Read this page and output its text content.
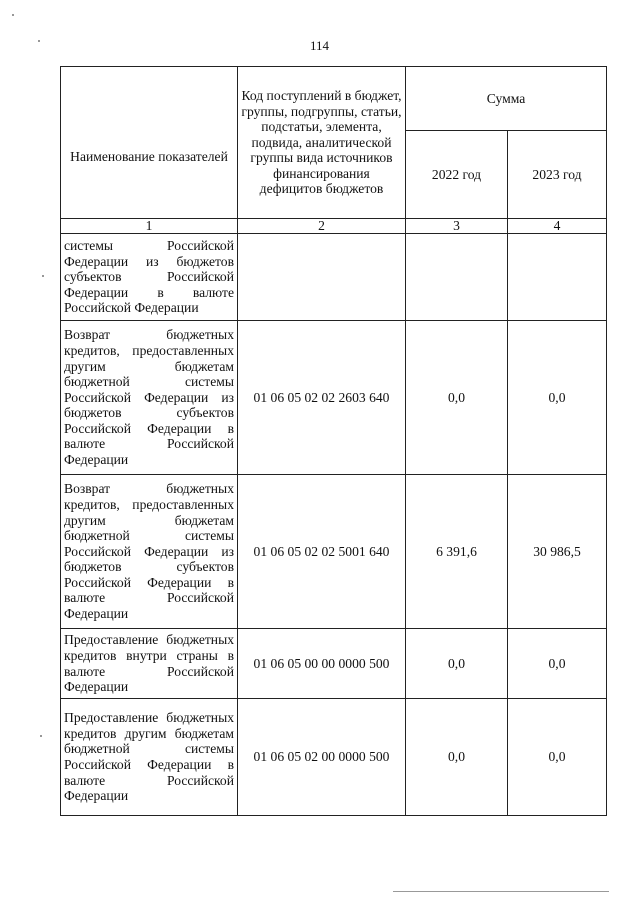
114
Наименование показателей	Код поступлений в бюджет, группы, подгруппы, статьи, подстатьи, элемента, подвида, аналитической группы вида источников финансирования дефицитов бюджетов	Сумма	
		2022 год	2023 год
1	2	3	4
системы Российской Федерации из бюджетов субъектов Российской Федерации в валюте Российской Федерации			
Возврат бюджетных кредитов, предоставленных другим бюджетам бюджетной системы Российской Федерации из бюджетов субъектов Российской Федерации в валюте Российской Федерации	01 06 05 02 02 2603 640	0,0	0,0
Возврат бюджетных кредитов, предоставленных другим бюджетам бюджетной системы Российской Федерации из бюджетов субъектов Российской Федерации в валюте Российской Федерации	01 06 05 02 02 5001 640	6 391,6	30 986,5
Предоставление бюджетных кредитов внутри страны в валюте Российской Федерации	01 06 05 00 00 0000 500	0,0	0,0
Предоставление бюджетных кредитов другим бюджетам бюджетной системы Российской Федерации в валюте Российской Федерации	01 06 05 02 00 0000 500	0,0	0,0
